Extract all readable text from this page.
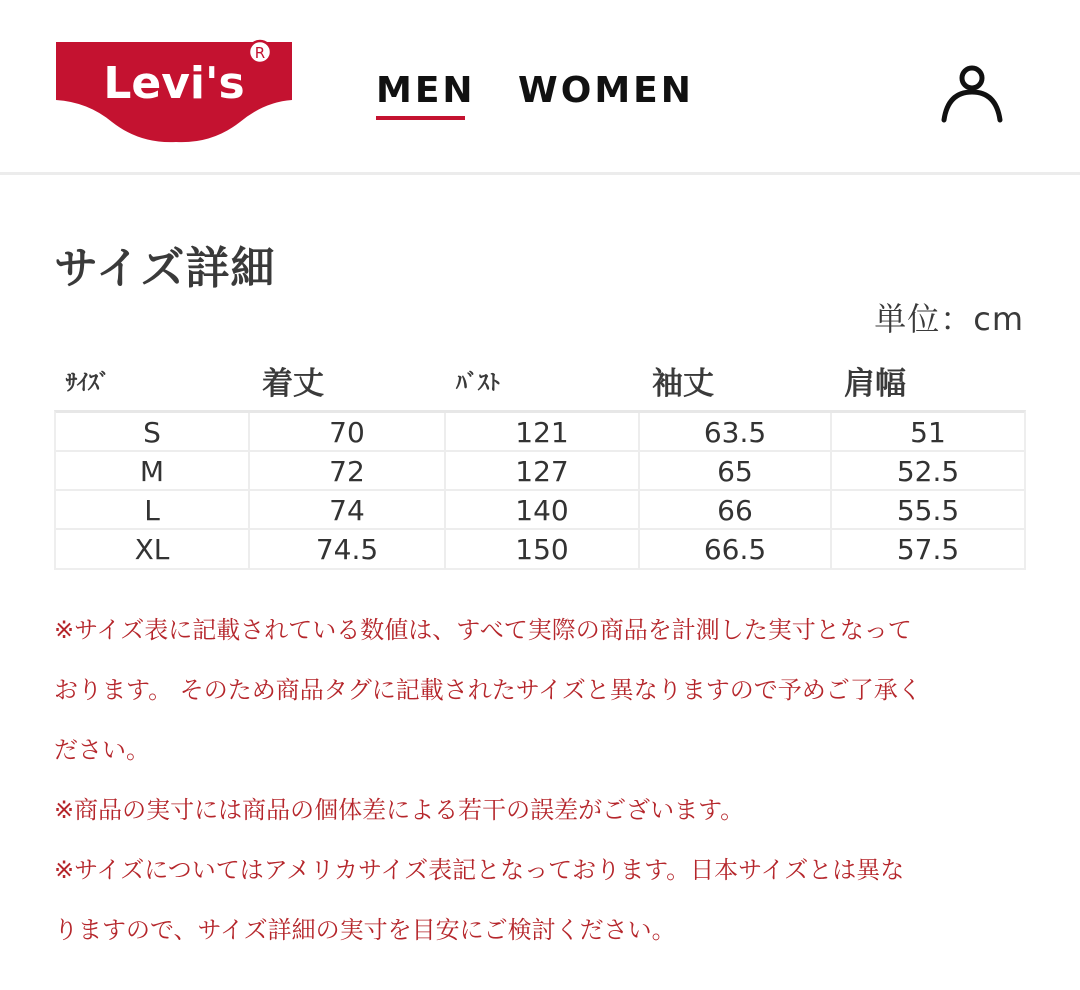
Levi's
R
MEN WOMEN
サイズ詳細
単位：cm
ｻｲｽﾞ	着丈	ﾊﾞｽﾄ	袖丈	肩幅
S	70	121	63.5	51
M	72	127	65	52.5
L	74	140	66	55.5
XL	74.5	150	66.5	57.5
※サイズ表に記載されている数値は、すべて実際の商品を計測した実寸となって
おります。 そのため商品タグに記載されたサイズと異なりますので予めご了承く
ださい。
※商品の実寸には商品の個体差による若干の誤差がございます。
※サイズについてはアメリカサイズ表記となっております。日本サイズとは異な
りますので、サイズ詳細の実寸を目安にご検討ください。
